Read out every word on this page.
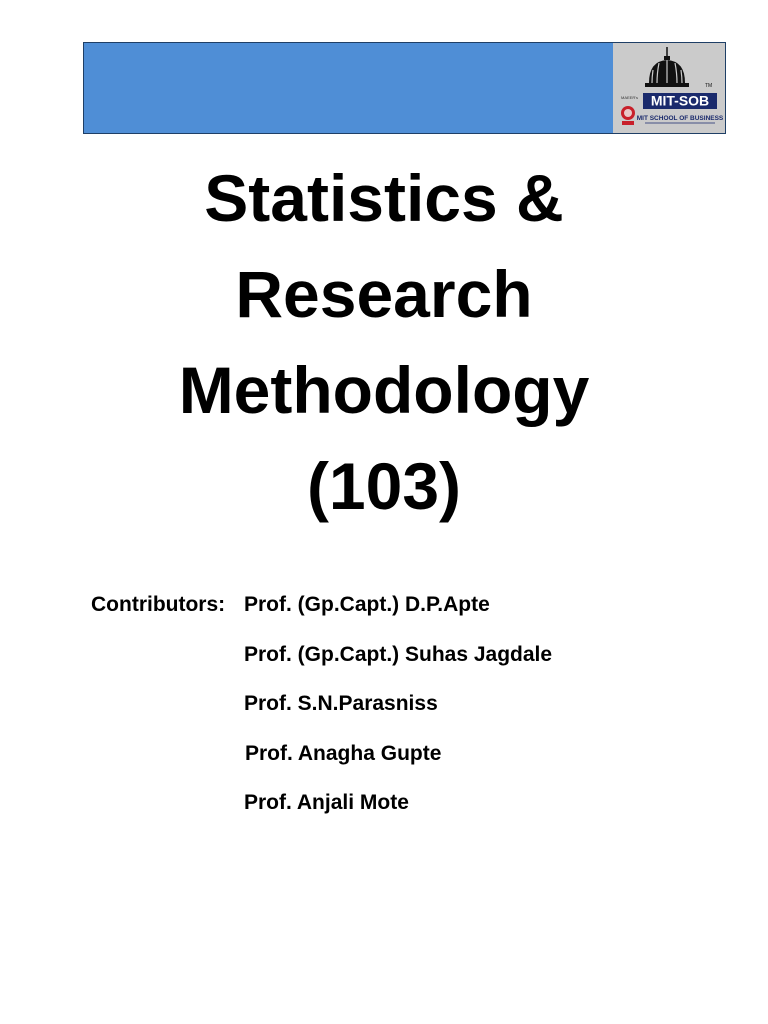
TM
MAEER's MIT-SOB
MIT SCHOOL OF BUSINESS
Statistics &
Research
Methodology
(103)
Contributors: Prof. (Gp.Capt.) D.P.Apte
Prof. (Gp.Capt.) Suhas Jagdale
Prof. S.N.Parasniss
Prof. Anagha Gupte
Prof. Anjali Mote
